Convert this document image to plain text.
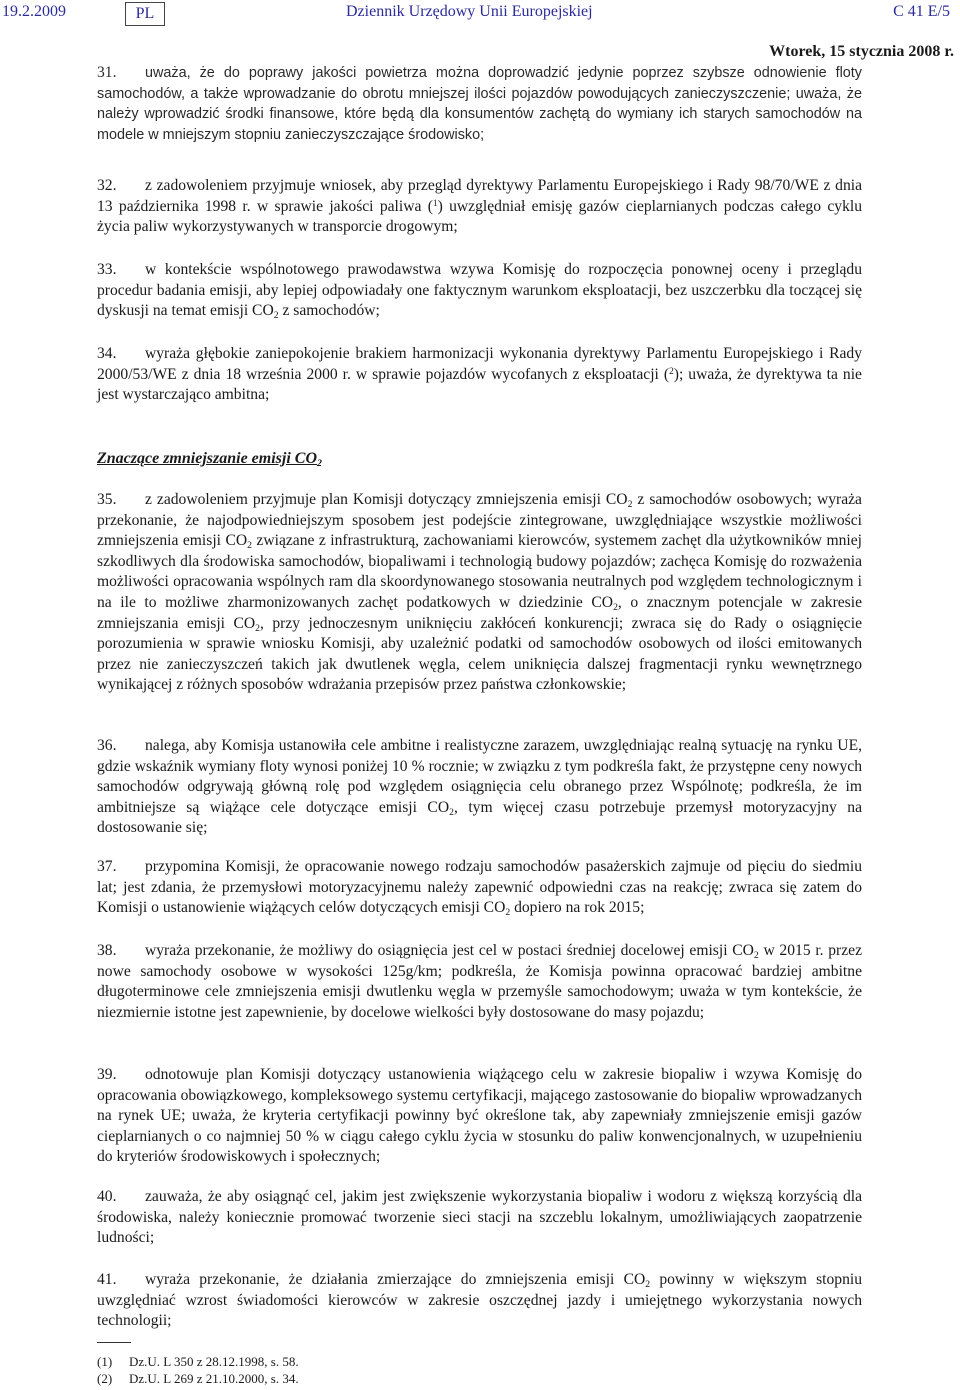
19.2.2009	PL	Dziennik Urzędowy Unii Europejskiej	C 41 E/5
Wtorek, 15 stycznia 2008 r.

31. uważa, że do poprawy jakości powietrza można doprowadzić jedynie poprzez szybsze odnowienie floty samochodów, a także wprowadzanie do obrotu mniejszej ilości pojazdów powodujących zanieczyszczenie; uważa, że należy wprowadzić środki finansowe, które będą dla konsumentów zachętą do wymiany ich starych samochodów na modele w mniejszym stopniu zanieczyszczające środowisko;

32. z zadowoleniem przyjmuje wniosek, aby przegląd dyrektywy Parlamentu Europejskiego i Rady 98/70/WE z dnia 13 października 1998 r. w sprawie jakości paliwa ($^1$) uwzględniał emisję gazów cieplarnianych podczas całego cyklu życia paliw wykorzystywanych w transporcie drogowym;

33. w kontekście wspólnotowego prawodawstwa wzywa Komisję do rozpoczęcia ponownej oceny i przeglądu procedur badania emisji, aby lepiej odpowiadały one faktycznym warunkom eksploatacji, bez uszczerbku dla toczącej się dyskusji na temat emisji $CO_2$ z samochodów;

34. wyraża głębokie zaniepokojenie brakiem harmonizacji wykonania dyrektywy Parlamentu Europejskiego i Rady 2000/53/WE z dnia 18 września 2000 r. w sprawie pojazdów wycofanych z eksploatacji ($^2$); uważa, że dyrektywa ta nie jest wystarczająco ambitna;

Znaczące zmniejszanie emisji $CO_2$

35. z zadowoleniem przyjmuje plan Komisji dotyczący zmniejszenia emisji $CO_2$ z samochodów osobowych; wyraża przekonanie, że najodpowiedniejszym sposobem jest podejście zintegrowane, uwzględniające wszystkie możliwości zmniejszenia emisji $CO_2$ związane z infrastrukturą, zachowaniami kierowców, systemem zachęt dla użytkowników mniej szkodliwych dla środowiska samochodów, biopaliwami i technologią budowy pojazdów; zachęca Komisję do rozważenia możliwości opracowania wspólnych ram dla skoordynowanego stosowania neutralnych pod względem technologicznym i na ile to możliwe zharmonizowanych zachęt podatkowych w dziedzinie $CO_2$, o znacznym potencjale w zakresie zmniejszania emisji $CO_2$, przy jednoczesnym uniknięciu zakłóceń konkurencji; zwraca się do Rady o osiągnięcie porozumienia w sprawie wniosku Komisji, aby uzależnić podatki od samochodów osobowych od ilości emitowanych przez nie zanieczyszczeń takich jak dwutlenek węgla, celem uniknięcia dalszej fragmentacji rynku wewnętrznego wynikającej z różnych sposobów wdrażania przepisów przez państwa członkowskie;

36. nalega, aby Komisja ustanowiła cele ambitne i realistyczne zarazem, uwzględniając realną sytuację na rynku UE, gdzie wskaźnik wymiany floty wynosi poniżej 10 % rocznie; w związku z tym podkreśla fakt, że przystępne ceny nowych samochodów odgrywają główną rolę pod względem osiągnięcia celu obranego przez Wspólnotę; podkreśla, że im ambitniejsze są wiążące cele dotyczące emisji $CO_2$, tym więcej czasu potrzebuje przemysł motoryzacyjny na dostosowanie się;

37. przypomina Komisji, że opracowanie nowego rodzaju samochodów pasażerskich zajmuje od pięciu do siedmiu lat; jest zdania, że przemysłowi motoryzacyjnemu należy zapewnić odpowiedni czas na reakcję; zwraca się zatem do Komisji o ustanowienie wiążących celów dotyczących emisji $CO_2$ dopiero na rok 2015;

38. wyraża przekonanie, że możliwy do osiągnięcia jest cel w postaci średniej docelowej emisji $CO_2$ w 2015 r. przez nowe samochody osobowe w wysokości 125g/km; podkreśla, że Komisja powinna opracować bardziej ambitne długoterminowe cele zmniejszenia emisji dwutlenku węgla w przemyśle samochodowym; uważa w tym kontekście, że niezmiernie istotne jest zapewnienie, by docelowe wielkości były dostosowane do masy pojazdu;

39. odnotowuje plan Komisji dotyczący ustanowienia wiążącego celu w zakresie biopaliw i wzywa Komisję do opracowania obowiązkowego, kompleksowego systemu certyfikacji, mającego zastosowanie do biopaliw wprowadzanych na rynek UE; uważa, że kryteria certyfikacji powinny być określone tak, aby zapewniały zmniejszenie emisji gazów cieplarnianych o co najmniej 50 % w ciągu całego cyklu życia w stosunku do paliw konwencjonalnych, w uzupełnieniu do kryteriów środowiskowych i społecznych;

40. zauważa, że aby osiągnąć cel, jakim jest zwiększenie wykorzystania biopaliw i wodoru z większą korzyścią dla środowiska, należy koniecznie promować tworzenie sieci stacji na szczeblu lokalnym, umożliwiających zaopatrzenie ludności;

41. wyraża przekonanie, że działania zmierzające do zmniejszenia emisji $CO_2$ powinny w większym stopniu uwzględniać wzrost świadomości kierowców w zakresie oszczędnej jazdy i umiejętnego wykorzystania nowych technologii;

(1) Dz.U. L 350 z 28.12.1998, s. 58.
(2) Dz.U. L 269 z 21.10.2000, s. 34.
